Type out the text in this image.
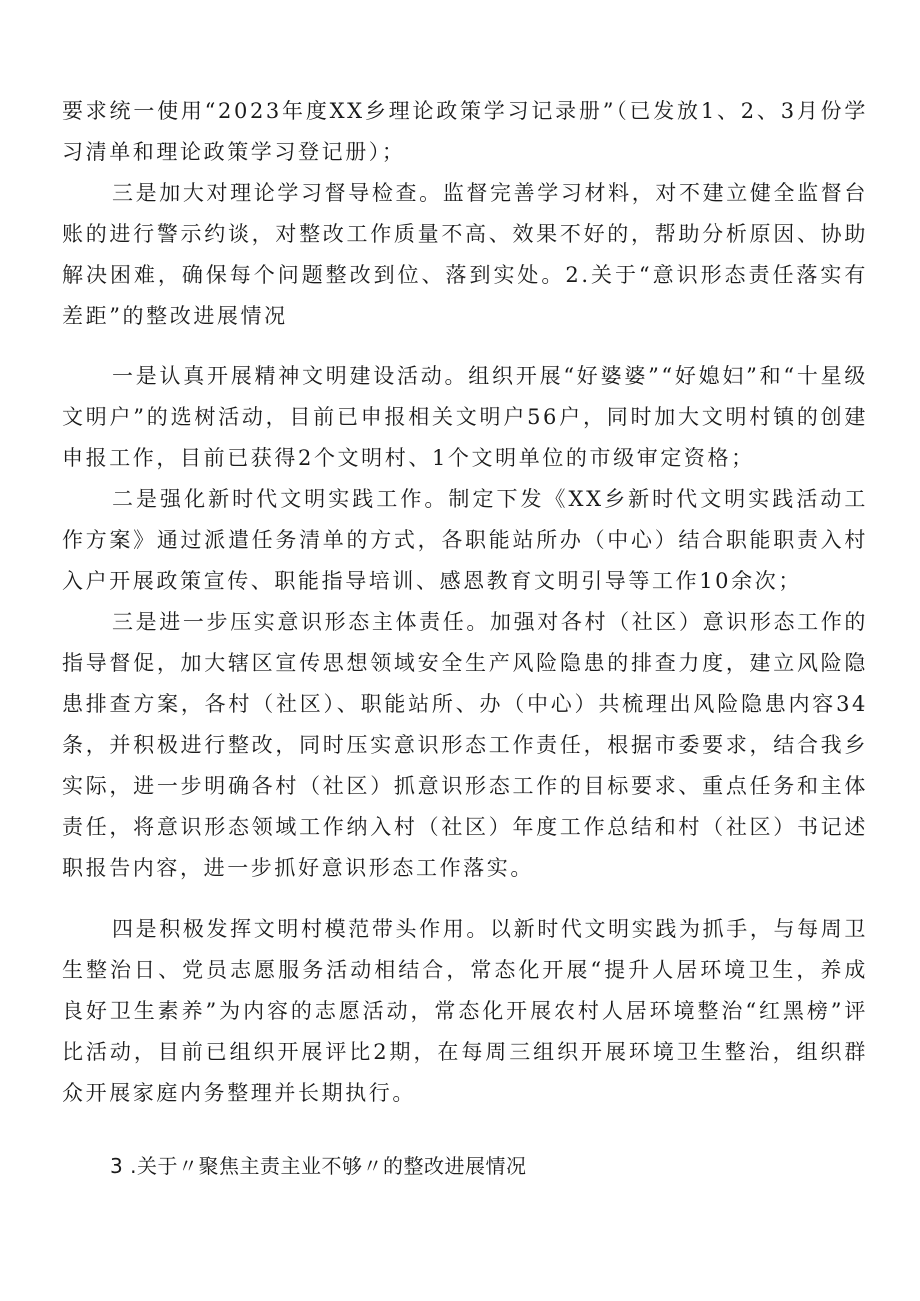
要求统一使用“2023年度XX乡理论政策学习记录册”（已发放1、2、3月份学习清单和理论政策学习登记册）；

三是加大对理论学习督导检查。监督完善学习材料，对不建立健全监督台账的进行警示约谈，对整改工作质量不高、效果不好的，帮助分析原因、协助解决困难，确保每个问题整改到位、落到实处。2.关于“意识形态责任落实有差距”的整改进展情况

一是认真开展精神文明建设活动。组织开展“好婆婆”“好媳妇”和“十星级文明户”的选树活动，目前已申报相关文明户56户，同时加大文明村镇的创建申报工作，目前已获得2个文明村、1个文明单位的市级审定资格；

二是强化新时代文明实践工作。制定下发《XX乡新时代文明实践活动工作方案》通过派遣任务清单的方式，各职能站所办（中心）结合职能职责入村入户开展政策宣传、职能指导培训、感恩教育文明引导等工作10余次；

三是进一步压实意识形态主体责任。加强对各村（社区）意识形态工作的指导督促，加大辖区宣传思想领域安全生产风险隐患的排查力度，建立风险隐患排查方案，各村（社区）、职能站所、办（中心）共梳理出风险隐患内容34条，并积极进行整改，同时压实意识形态工作责任，根据市委要求，结合我乡实际，进一步明确各村（社区）抓意识形态工作的目标要求、重点任务和主体责任，将意识形态领域工作纳入村（社区）年度工作总结和村（社区）书记述职报告内容，进一步抓好意识形态工作落实。

四是积极发挥文明村模范带头作用。以新时代文明实践为抓手，与每周卫生整治日、党员志愿服务活动相结合，常态化开展“提升人居环境卫生，养成良好卫生素养”为内容的志愿活动，常态化开展农村人居环境整治“红黑榜”评比活动，目前已组织开展评比2期，在每周三组织开展环境卫生整治，组织群众开展家庭内务整理并长期执行。

3 .关于〃聚焦主责主业不够〃的整改进展情况
